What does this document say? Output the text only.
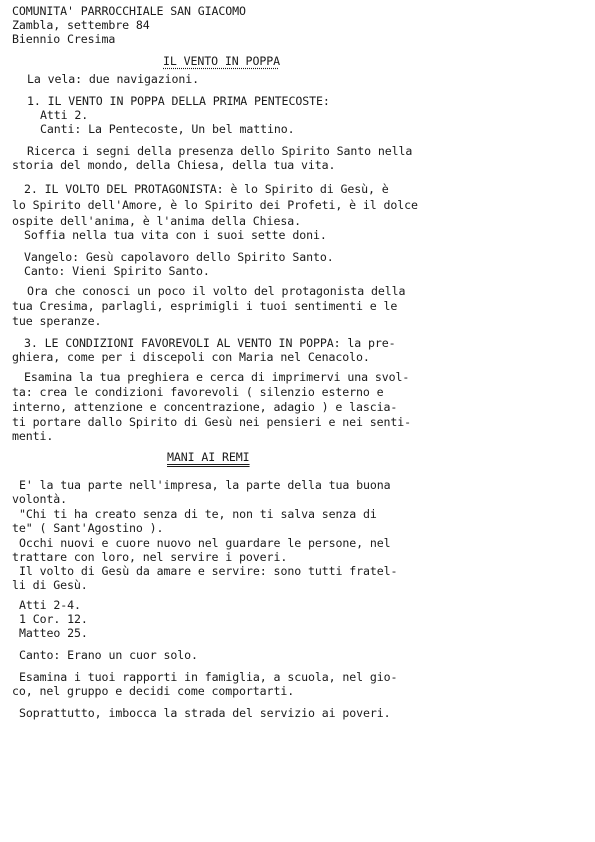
COMUNITA' PARROCCHIALE SAN GIACOMO
Zambla, settembre 84
Biennio Cresima
IL VENTO IN POPPA
La vela: due navigazioni.
1. IL VENTO IN POPPA DELLA PRIMA PENTECOSTE:
Atti 2.
Canti: La Pentecoste, Un bel mattino.
Ricerca i segni della presenza dello Spirito Santo nella
storia del mondo, della Chiesa, della tua vita.
2. IL VOLTO DEL PROTAGONISTA: è lo Spirito di Gesù, è
lo Spirito dell'Amore, è lo Spirito dei Profeti, è il dolce
ospite dell'anima, è l'anima della Chiesa.
Soffia nella tua vita con i suoi sette doni.
Vangelo: Gesù capolavoro dello Spirito Santo.
Canto: Vieni Spirito Santo.
Ora che conosci un poco il volto del protagonista della
tua Cresima, parlagli, esprimigli i tuoi sentimenti e le
tue speranze.
3. LE CONDIZIONI FAVOREVOLI AL VENTO IN POPPA: la pre-
ghiera, come per i discepoli con Maria nel Cenacolo.
Esamina la tua preghiera e cerca di imprimervi una svol-
ta: crea le condizioni favorevoli ( silenzio esterno e
interno, attenzione e concentrazione, adagio ) e lascia-
ti portare dallo Spirito di Gesù nei pensieri e nei senti-
menti.
MANI AI REMI
E' la tua parte nell'impresa, la parte della tua buona
volontà.
"Chi ti ha creato senza di te, non ti salva senza di
te" ( Sant'Agostino ).
Occhi nuovi e cuore nuovo nel guardare le persone, nel
trattare con loro, nel servire i poveri.
Il volto di Gesù da amare e servire: sono tutti fratel-
li di Gesù.
Atti 2-4.
1 Cor. 12.
Matteo 25.
Canto: Erano un cuor solo.
Esamina i tuoi rapporti in famiglia, a scuola, nel gio-
co, nel gruppo e decidi come comportarti.
Soprattutto, imbocca la strada del servizio ai poveri.
